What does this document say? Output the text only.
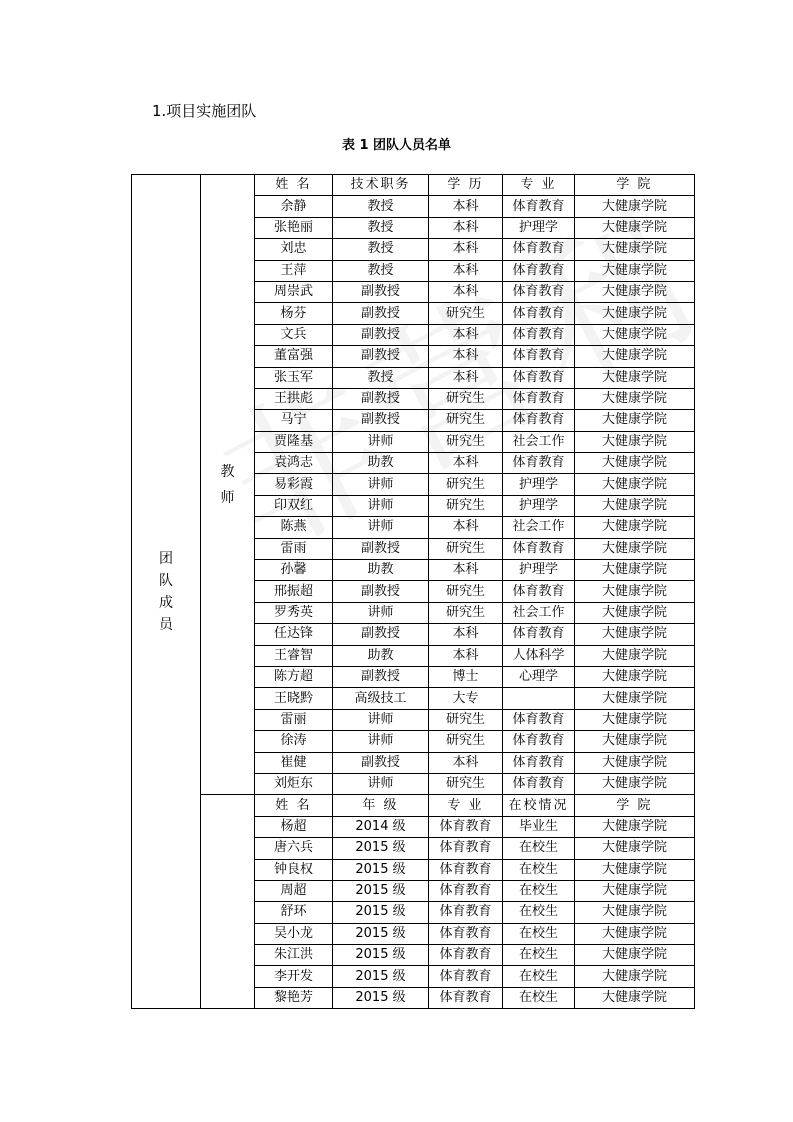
1.项目实施团队
表 1 团队人员名单
团队成员	教师	姓 名	技术职务	学 历	专 业	学 院
		余静	教授	本科	体育教育	大健康学院
		张艳丽	教授	本科	护理学	大健康学院
		刘忠	教授	本科	体育教育	大健康学院
		王萍	教授	本科	体育教育	大健康学院
		周崇武	副教授	本科	体育教育	大健康学院
		杨芬	副教授	研究生	体育教育	大健康学院
		文兵	副教授	本科	体育教育	大健康学院
		董富强	副教授	本科	体育教育	大健康学院
		张玉军	教授	本科	体育教育	大健康学院
		王拱彪	副教授	研究生	体育教育	大健康学院
		马宁	副教授	研究生	体育教育	大健康学院
		贾隆基	讲师	研究生	社会工作	大健康学院
		袁鸿志	助教	本科	体育教育	大健康学院
		易彩霞	讲师	研究生	护理学	大健康学院
		印双红	讲师	研究生	护理学	大健康学院
		陈燕	讲师	本科	社会工作	大健康学院
		雷雨	副教授	研究生	体育教育	大健康学院
		孙馨	助教	本科	护理学	大健康学院
		邢振超	副教授	研究生	体育教育	大健康学院
		罗秀英	讲师	研究生	社会工作	大健康学院
		任达锋	副教授	本科	体育教育	大健康学院
		王睿智	助教	本科	人体科学	大健康学院
		陈方超	副教授	博士	心理学	大健康学院
		王晓黔	高级技工	大专		大健康学院
		雷丽	讲师	研究生	体育教育	大健康学院
		徐涛	讲师	研究生	体育教育	大健康学院
		崔健	副教授	本科	体育教育	大健康学院
		刘炬东	讲师	研究生	体育教育	大健康学院
		姓 名	年 级	专 业	在校情况	学 院
		杨超	2014 级	体育教育	毕业生	大健康学院
		唐六兵	2015 级	体育教育	在校生	大健康学院
		钟良权	2015 级	体育教育	在校生	大健康学院
		周超	2015 级	体育教育	在校生	大健康学院
		舒环	2015 级	体育教育	在校生	大健康学院
		吴小龙	2015 级	体育教育	在校生	大健康学院
		朱江洪	2015 级	体育教育	在校生	大健康学院
		李开发	2015 级	体育教育	在校生	大健康学院
		黎艳芳	2015 级	体育教育	在校生	大健康学院
